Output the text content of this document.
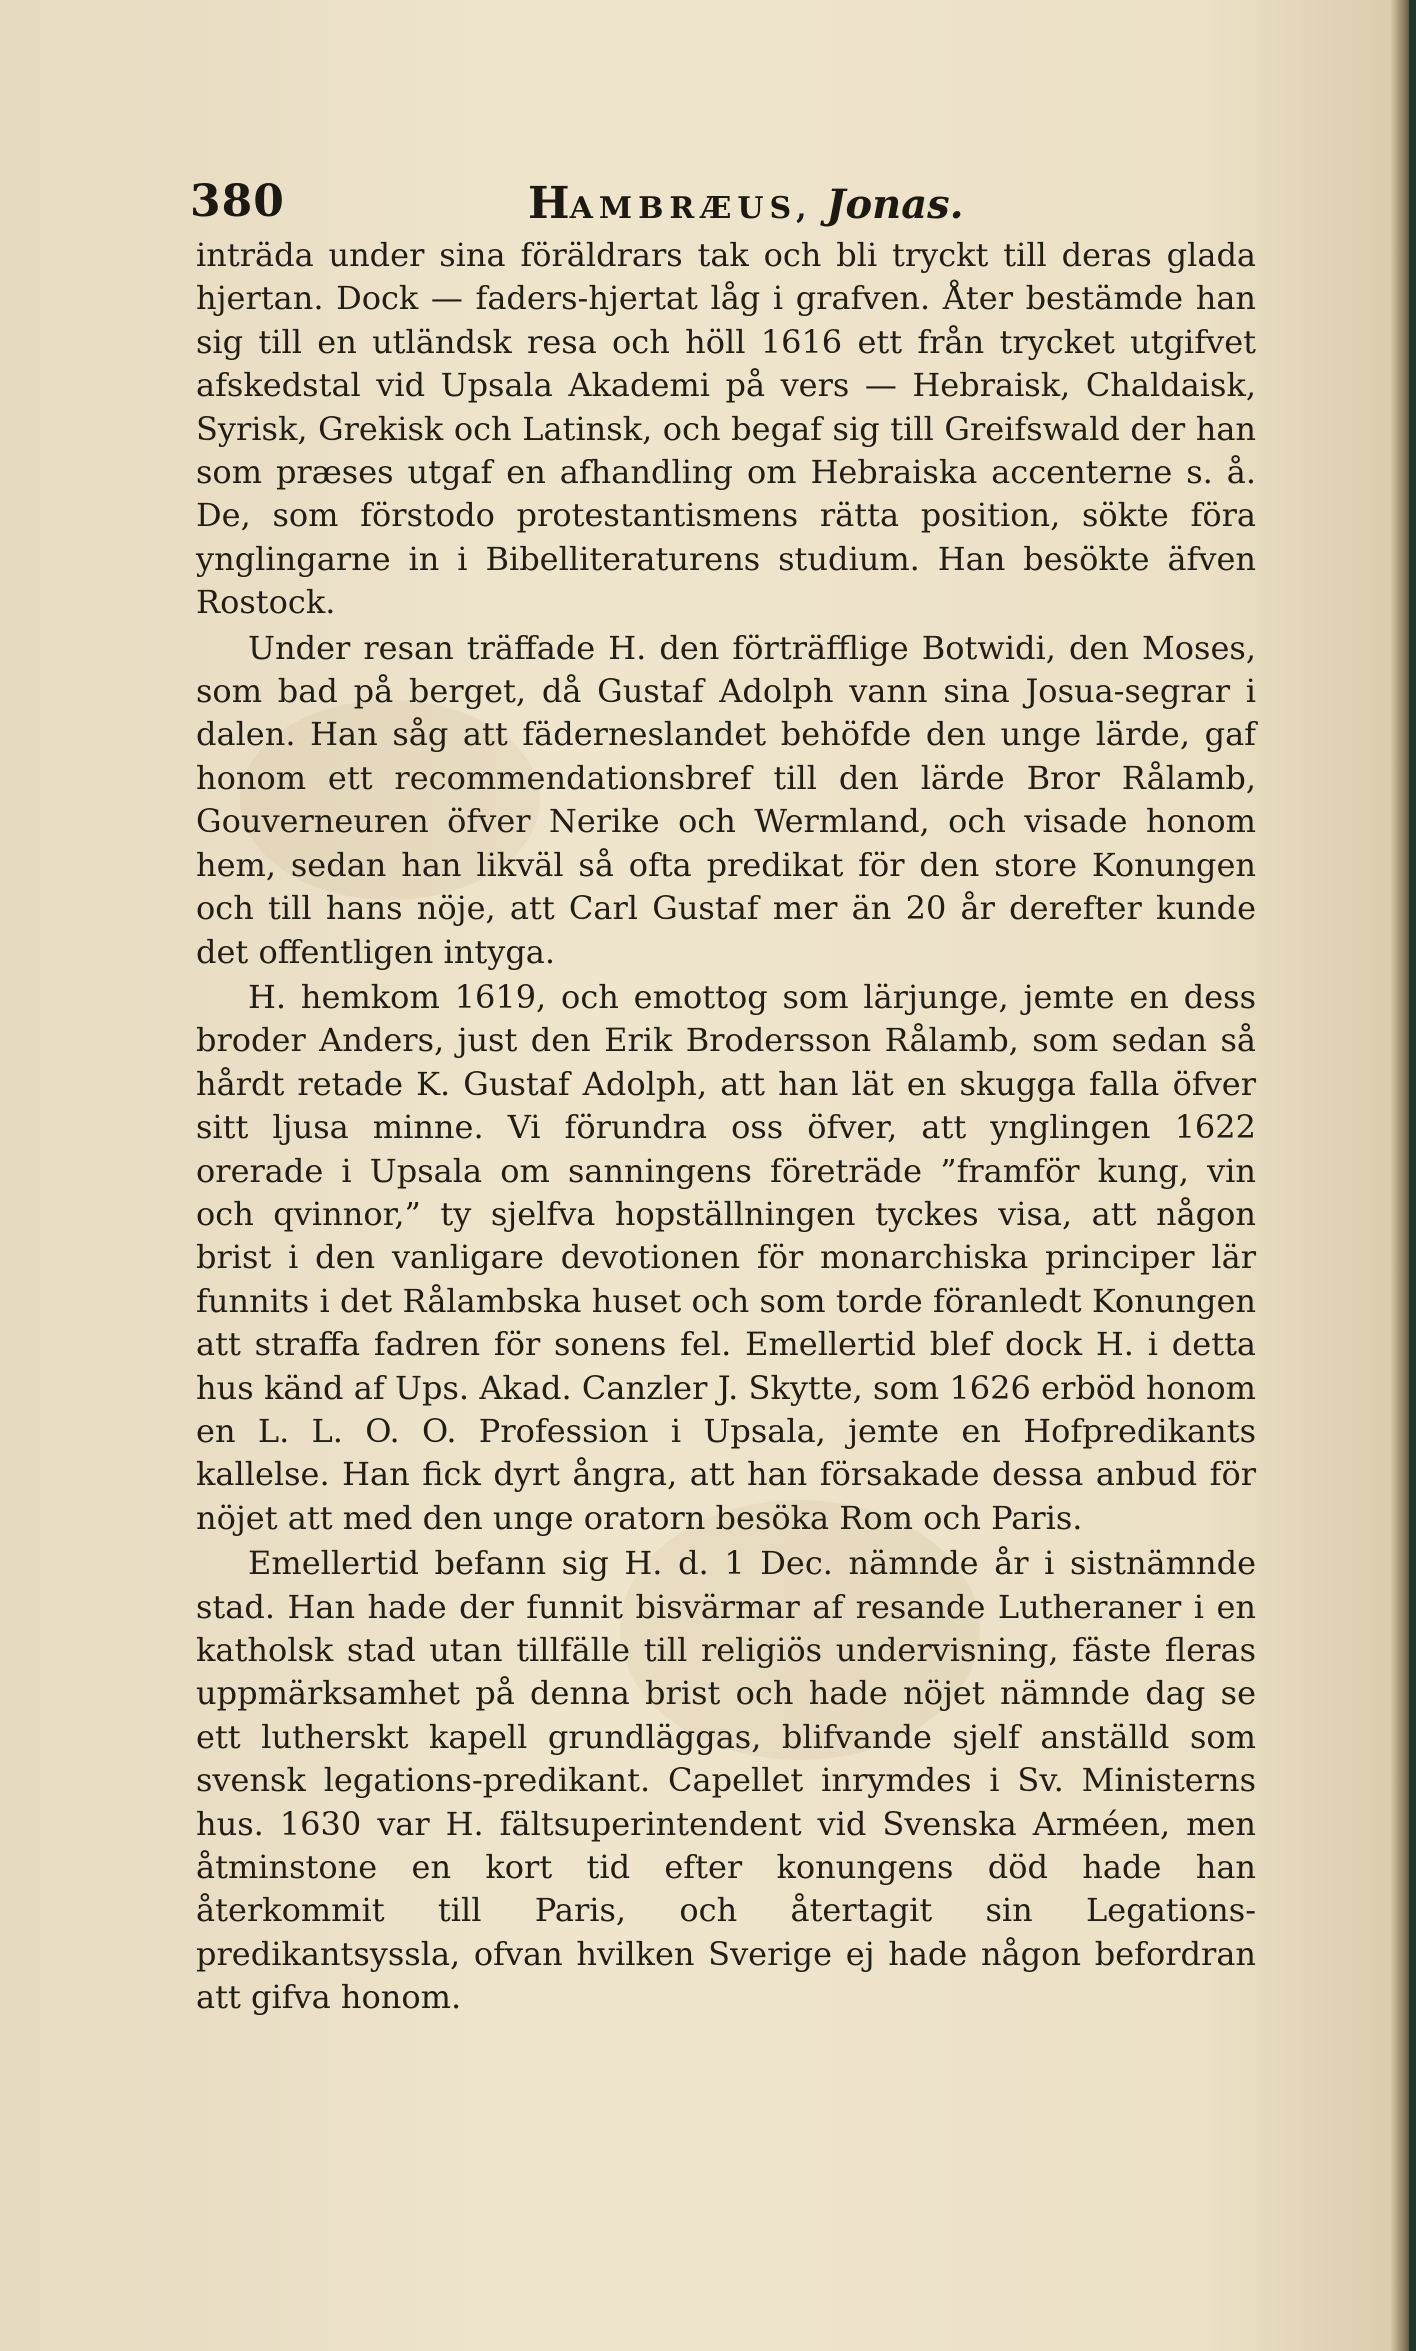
380	HAMBRÆUS, Jonas.

inträda under sina föräldrars tak och bli tryckt till deras glada hjertan. Dock — faders-hjertat låg i grafven. Åter bestämde han sig till en utländsk resa och höll 1616 ett från trycket utgifvet afskedstal vid Upsala Akademi på vers — Hebraisk, Chaldaisk, Syrisk, Grekisk och Latinsk, och begaf sig till Greifswald der han som præses utgaf en afhandling om Hebraiska accenterne s. å. De, som förstodo protestantismens rätta position, sökte föra ynglingarne in i Bibelliteraturens studium. Han besökte äfven Rostock.

Under resan träffade H. den förträfflige Botwidi, den Moses, som bad på berget, då Gustaf Adolph vann sina Josua-segrar i dalen. Han såg att fäderneslandet behöfde den unge lärde, gaf honom ett recommendationsbref till den lärde Bror Rålamb, Gouverneuren öfver Nerike och Wermland, och visade honom hem, sedan han likväl så ofta predikat för den store Konungen och till hans nöje, att Carl Gustaf mer än 20 år derefter kunde det offentligen intyga.

H. hemkom 1619, och emottog som lärjunge, jemte en dess broder Anders, just den Erik Brodersson Rålamb, som sedan så hårdt retade K. Gustaf Adolph, att han lät en skugga falla öfver sitt ljusa minne. Vi förundra oss öfver, att ynglingen 1622 orerade i Upsala om sanningens företräde ”framför kung, vin och qvinnor,” ty sjelfva hopställningen tyckes visa, att någon brist i den vanligare devotionen för monarchiska principer lär funnits i det Rålambska huset och som torde föranledt Konungen att straffa fadren för sonens fel. Emellertid blef dock H. i detta hus känd af Ups. Akad. Canzler J. Skytte, som 1626 erböd honom en L. L. O. O. Profession i Upsala, jemte en Hofpredikants kallelse. Han fick dyrt ångra, att han försakade dessa anbud för nöjet att med den unge oratorn besöka Rom och Paris.

Emellertid befann sig H. d. 1 Dec. nämnde år i sistnämnde stad. Han hade der funnit bisvärmar af resande Lutheraner i en katholsk stad utan tillfälle till religiös undervisning, fäste fleras uppmärksamhet på denna brist och hade nöjet nämnde dag se ett lutherskt kapell grundläggas, blifvande sjelf anställd som svensk legations-predikant. Capellet inrymdes i Sv. Ministerns hus. 1630 var H. fältsuperintendent vid Svenska Arméen, men åtminstone en kort tid efter konungens död hade han återkommit till Paris, och återtagit sin Legations-predikantsyssla, ofvan hvilken Sverige ej hade någon befordran att gifva honom.
